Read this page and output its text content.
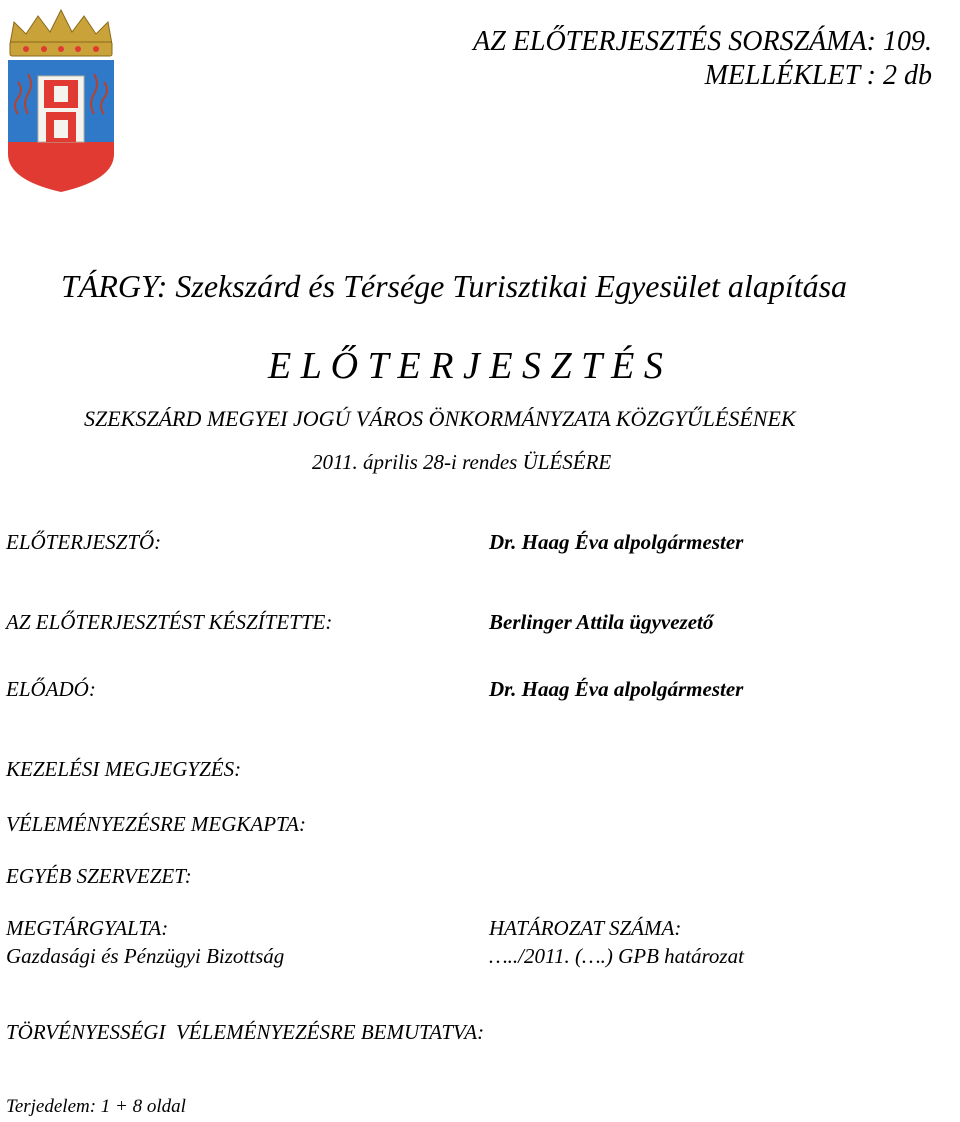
AZ ELŐTERJESZTÉS SORSZÁMA: 109.
MELLÉKLET : 2 db
TÁRGY: Szekszárd és Térsége Turisztikai Egyesület alapítása
E L Ő T E R J E S Z T É S
SZEKSZÁRD MEGYEI JOGÚ VÁROS ÖNKORMÁNYZATA KÖZGYŰLÉSÉNEK
2011. április 28-i rendes ÜLÉSÉRE
ELŐTERJESZTŐ:	Dr. Haag Éva alpolgármester
AZ ELŐTERJESZTÉST KÉSZÍTETTE:	Berlinger Attila ügyvezető
ELŐADÓ:	Dr. Haag Éva alpolgármester
KEZELÉSI MEGJEGYZÉS:
VÉLEMÉNYEZÉSRE MEGKAPTA:
EGYÉB SZERVEZET:
MEGTÁRGYALTA:
Gazdasági és Pénzügyi Bizottság
HATÁROZAT SZÁMA:
…../2011. (….) GPB határozat
TÖRVÉNYESSÉGI  VÉLEMÉNYEZÉSRE BEMUTATVA:
Terjedelem: 1 + 8 oldal
